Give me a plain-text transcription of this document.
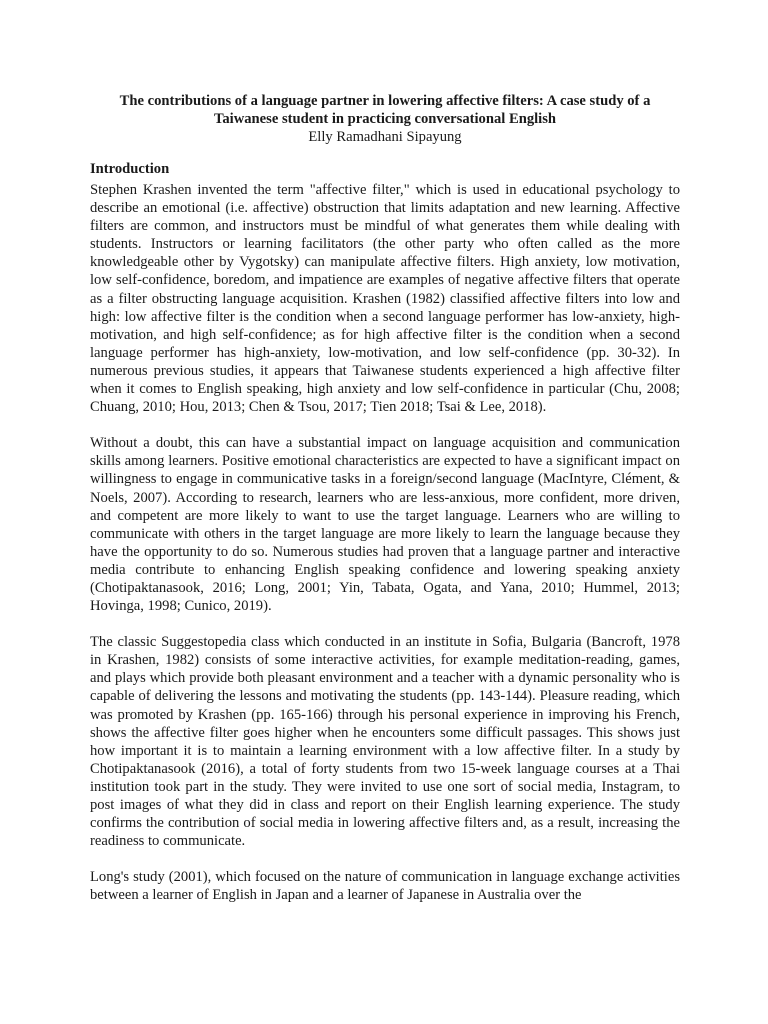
The contributions of a language partner in lowering affective filters: A case study of a Taiwanese student in practicing conversational English

Elly Ramadhani Sipayung

Introduction

Stephen Krashen invented the term "affective filter," which is used in educational psychology to describe an emotional (i.e. affective) obstruction that limits adaptation and new learning. Affective filters are common, and instructors must be mindful of what generates them while dealing with students. Instructors or learning facilitators (the other party who often called as the more knowledgeable other by Vygotsky) can manipulate affective filters. High anxiety, low motivation, low self-confidence, boredom, and impatience are examples of negative affective filters that operate as a filter obstructing language acquisition. Krashen (1982) classified affective filters into low and high: low affective filter is the condition when a second language performer has low-anxiety, high-motivation, and high self-confidence; as for high affective filter is the condition when a second language performer has high-anxiety, low-motivation, and low self-confidence (pp. 30-32). In numerous previous studies, it appears that Taiwanese students experienced a high affective filter when it comes to English speaking, high anxiety and low self-confidence in particular (Chu, 2008; Chuang, 2010; Hou, 2013; Chen & Tsou, 2017; Tien 2018; Tsai & Lee, 2018).

Without a doubt, this can have a substantial impact on language acquisition and communication skills among learners. Positive emotional characteristics are expected to have a significant impact on willingness to engage in communicative tasks in a foreign/second language (MacIntyre, Clément, & Noels, 2007). According to research, learners who are less-anxious, more confident, more driven, and competent are more likely to want to use the target language. Learners who are willing to communicate with others in the target language are more likely to learn the language because they have the opportunity to do so. Numerous studies had proven that a language partner and interactive media contribute to enhancing English speaking confidence and lowering speaking anxiety (Chotipaktanasook, 2016; Long, 2001; Yin, Tabata, Ogata, and Yana, 2010; Hummel, 2013; Hovinga, 1998; Cunico, 2019).

The classic Suggestopedia class which conducted in an institute in Sofia, Bulgaria (Bancroft, 1978 in Krashen, 1982) consists of some interactive activities, for example meditation-reading, games, and plays which provide both pleasant environment and a teacher with a dynamic personality who is capable of delivering the lessons and motivating the students (pp. 143-144). Pleasure reading, which was promoted by Krashen (pp. 165-166) through his personal experience in improving his French, shows the affective filter goes higher when he encounters some difficult passages. This shows just how important it is to maintain a learning environment with a low affective filter. In a study by Chotipaktanasook (2016), a total of forty students from two 15-week language courses at a Thai institution took part in the study. They were invited to use one sort of social media, Instagram, to post images of what they did in class and report on their English learning experience. The study confirms the contribution of social media in lowering affective filters and, as a result, increasing the readiness to communicate.

Long's study (2001), which focused on the nature of communication in language exchange activities between a learner of English in Japan and a learner of Japanese in Australia over the
